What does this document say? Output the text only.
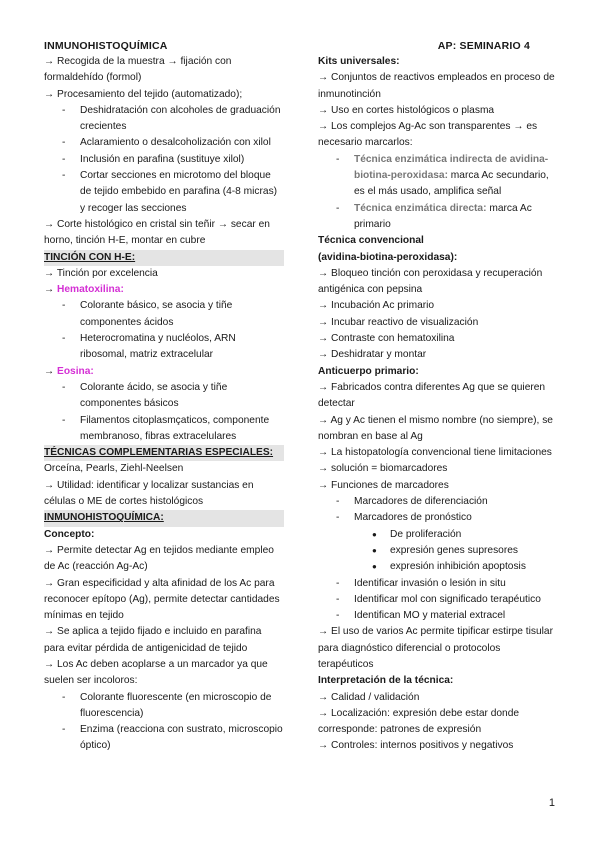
INMUNOHISTOQUÍMICA	AP: SEMINARIO 4

→ Recogida de la muestra → fijación con formaldehído (formol)

→ Procesamiento del tejido (automatizado);

- Deshidratación con alcoholes de graduación crecientes
- Aclaramiento o desalcoholización con xilol
- Inclusión en parafina (sustituye xilol)
- Cortar secciones en microtomo del bloque de tejido embebido en parafina (4-8 micras) y recoger las secciones

→ Corte histológico en cristal sin teñir → secar en horno, tinción H-E, montar en cubre

TINCIÓN CON H-E:

→ Tinción por excelencia

→ Hematoxilina:

- Colorante básico, se asocia y tiñe componentes ácidos
- Heterocromatina y nucléolos, ARN ribosomal, matriz extracelular

→ Eosina:

- Colorante ácido, se asocia y tiñe componentes básicos
- Filamentos citoplasmçaticos, componente membranoso, fibras extracelulares

TÉCNICAS COMPLEMENTARIAS ESPECIALES:

Orceína, Pearls, Ziehl-Neelsen

→ Utilidad: identificar y localizar sustancias en células o ME de cortes histológicos

INMUNOHISTOQUÍMICA:

Concepto:

→ Permite detectar Ag en tejidos mediante empleo de Ac (reacción Ag-Ac)

→ Gran especificidad y alta afinidad de los Ac para reconocer epítopo (Ag), permite detectar cantidades mínimas en tejido

→ Se aplica a tejido fijado e incluido en parafina para evitar pérdida de antigenicidad de tejido

→ Los Ac deben acoplarse a un marcador ya que suelen ser incoloros:

- Colorante fluorescente (en microscopio de fluorescencia)
- Enzima (reacciona con sustrato, microscopio óptico)

Kits universales:

→ Conjuntos de reactivos empleados en proceso de inmunotinción

→ Uso en cortes histológicos o plasma

→ Los complejos Ag-Ac son transparentes → es necesario marcarlos:

- Técnica enzimática indirecta de avidina-biotina-peroxidasa: marca Ac secundario, es el más usado, amplifica señal
- Técnica enzimática directa: marca Ac primario

Técnica convencional

(avidina-biotina-peroxidasa):

→ Bloqueo tinción con peroxidasa y recuperación antigénica con pepsina

→ Incubación Ac primario

→ Incubar reactivo de visualización

→ Contraste con hematoxilina

→ Deshidratar y montar

Anticuerpo primario:

→ Fabricados contra diferentes Ag que se quieren detectar

→ Ag y Ac tienen el mismo nombre (no siempre), se nombran en base al Ag

→ La histopatología convencional tiene limitaciones → solución = biomarcadores

→ Funciones de marcadores

- Marcadores de diferenciación
- Marcadores de pronóstico
● De proliferación
● expresión genes supresores
● expresión inhibición apoptosis
- Identificar invasión o lesión in situ
- Identificar mol con significado terapéutico
- Identifican MO y material extracel

→ El uso de varios Ac permite tipificar estirpe tisular para diagnóstico diferencial o protocolos terapéuticos

Interpretación de la técnica:

→ Calidad / validación

→ Localización: expresión debe estar donde corresponde: patrones de expresión

→ Controles: internos positivos y negativos

1
